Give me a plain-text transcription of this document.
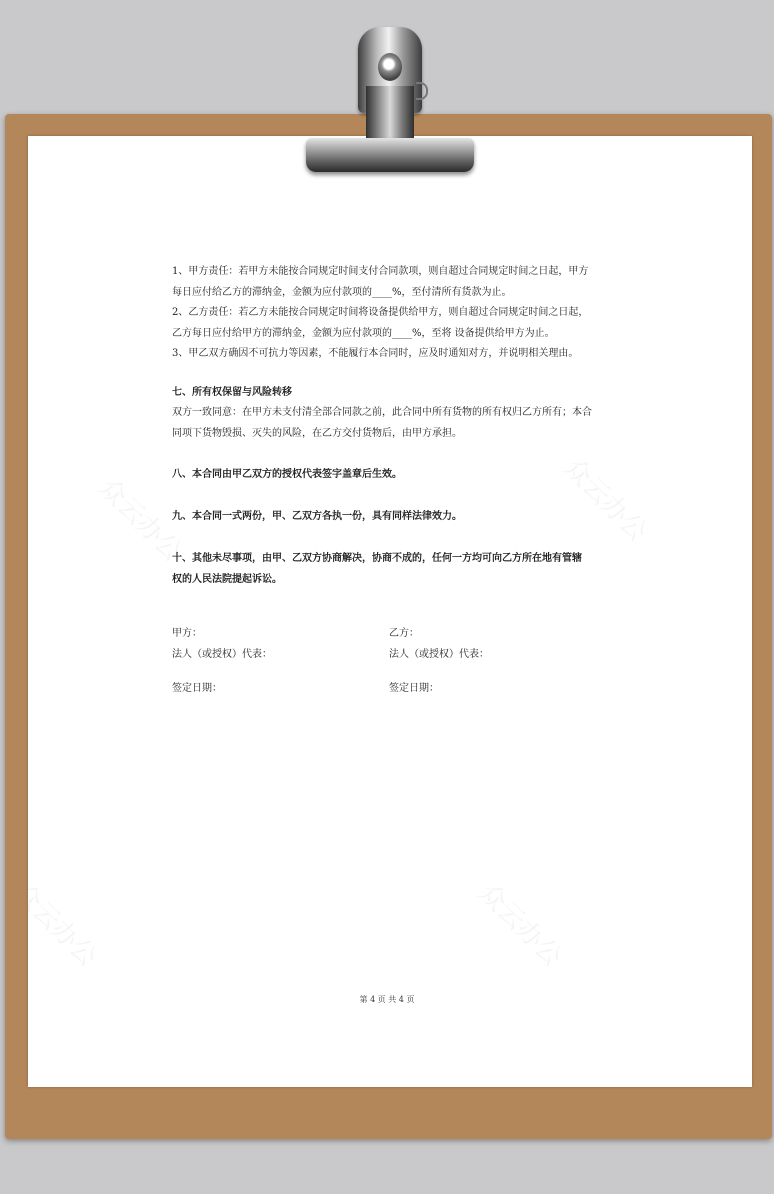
众云办公	众云办公
众云办公
众云办公

1、甲方责任：若甲方未能按合同规定时间支付合同款项，则自超过合同规定时间之日起，甲方

每日应付给乙方的滞纳金，金额为应付款项的____%，至付清所有货款为止。

2、乙方责任：若乙方未能按合同规定时间将设备提供给甲方，则自超过合同规定时间之日起，

乙方每日应付给甲方的滞纳金，金额为应付款项的____%，至将 设备提供给甲方为止。

3、甲乙双方确因不可抗力等因素，不能履行本合同时，应及时通知对方，并说明相关理由。

七、所有权保留与风险转移

双方一致同意：在甲方未支付清全部合同款之前，此合同中所有货物的所有权归乙方所有；本合

同项下货物毁损、灭失的风险，在乙方交付货物后，由甲方承担。

八、本合同由甲乙双方的授权代表签字盖章后生效。

九、本合同一式两份，甲、乙双方各执一份，具有同样法律效力。

十、其他未尽事项，由甲、乙双方协商解决，协商不成的，任何一方均可向乙方所在地有管辖

权的人民法院提起诉讼。

甲方：

法人（或授权）代表：

签定日期：

乙方：

法人（或授权）代表：

签定日期：

第 4 页 共 4 页
